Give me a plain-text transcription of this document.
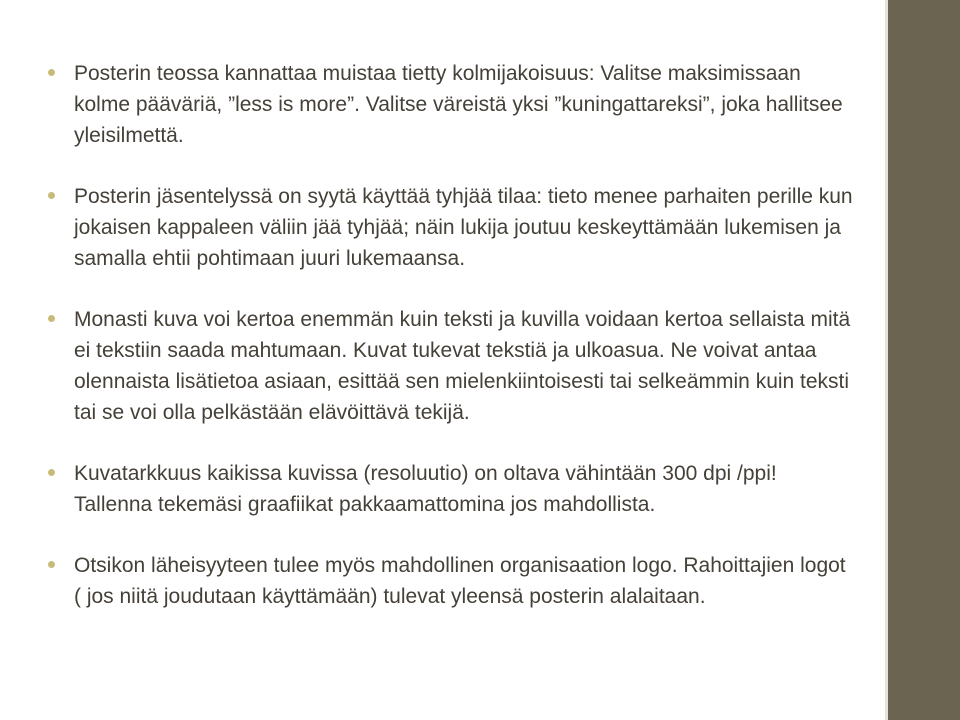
Posterin teossa kannattaa muistaa tietty kolmijakoisuus: Valitse maksimissaan kolme pääväriä, ”less is more”. Valitse väreistä yksi ”kuningattareksi”, joka hallitsee yleisilmettä.
Posterin jäsentelyssä on syytä käyttää tyhjää tilaa: tieto menee parhaiten perille kun jokaisen kappaleen väliin jää tyhjää; näin lukija joutuu keskeyttämään lukemisen ja samalla ehtii pohtimaan juuri lukemaansa.
Monasti kuva voi kertoa enemmän kuin teksti ja kuvilla voidaan kertoa sellaista mitä ei tekstiin saada mahtumaan. Kuvat tukevat tekstiä ja ulkoasua. Ne voivat antaa olennaista lisätietoa asiaan, esittää sen mielenkiintoisesti tai selkeämmin kuin teksti tai se voi olla pelkästään elävöittävä tekijä.
Kuvatarkkuus kaikissa kuvissa (resoluutio) on oltava vähintään 300 dpi /ppi! Tallenna tekemäsi graafiikat pakkaamattomina jos mahdollista.
Otsikon läheisyyteen tulee myös mahdollinen organisaation logo. Rahoittajien logot ( jos niitä joudutaan käyttämään) tulevat yleensä posterin alalaitaan.
